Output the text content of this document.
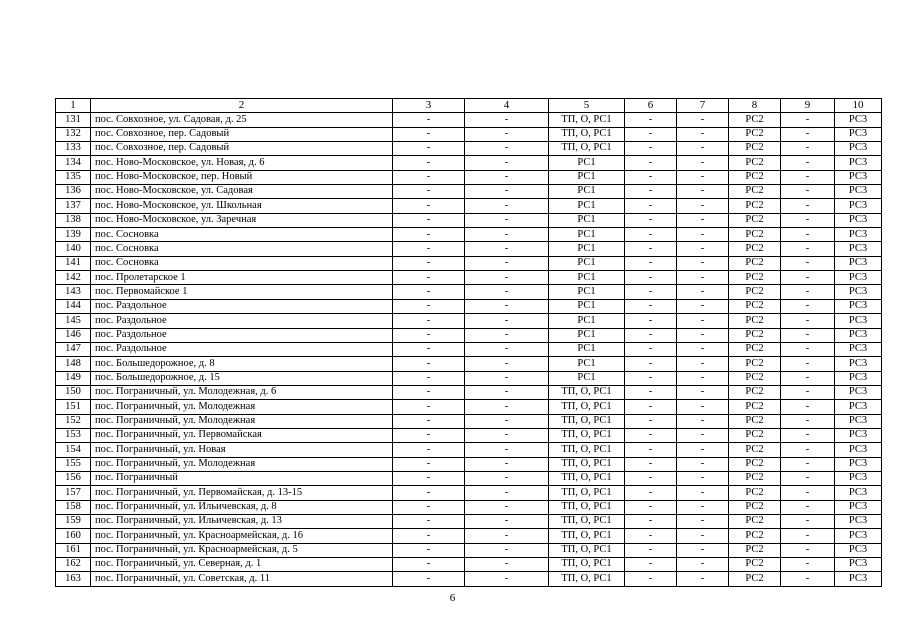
1	2	3	4	5	6	7	8	9	10
131	пос. Совхозное, ул. Садовая, д. 25	-	-	ТП, О, РС1	-	-	РС2	-	РС3
132	пос. Совхозное, пер. Садовый	-	-	ТП, О, РС1	-	-	РС2	-	РС3
133	пос. Совхозное, пер. Садовый	-	-	ТП, О, РС1	-	-	РС2	-	РС3
134	пос. Ново-Московское, ул. Новая, д. 6	-	-	РС1	-	-	РС2	-	РС3
135	пос. Ново-Московское, пер. Новый	-	-	РС1	-	-	РС2	-	РС3
136	пос. Ново-Московское, ул. Садовая	-	-	РС1	-	-	РС2	-	РС3
137	пос. Ново-Московское, ул. Школьная	-	-	РС1	-	-	РС2	-	РС3
138	пос. Ново-Московское, ул. Заречная	-	-	РС1	-	-	РС2	-	РС3
139	пос. Сосновка	-	-	РС1	-	-	РС2	-	РС3
140	пос. Сосновка	-	-	РС1	-	-	РС2	-	РС3
141	пос. Сосновка	-	-	РС1	-	-	РС2	-	РС3
142	пос. Пролетарское 1	-	-	РС1	-	-	РС2	-	РС3
143	пос. Первомайское 1	-	-	РС1	-	-	РС2	-	РС3
144	пос. Раздольное	-	-	РС1	-	-	РС2	-	РС3
145	пос. Раздольное	-	-	РС1	-	-	РС2	-	РС3
146	пос. Раздольное	-	-	РС1	-	-	РС2	-	РС3
147	пос. Раздольное	-	-	РС1	-	-	РС2	-	РС3
148	пос. Большедорожное, д. 8	-	-	РС1	-	-	РС2	-	РС3
149	пос. Большедорожное, д. 15	-	-	РС1	-	-	РС2	-	РС3
150	пос. Пограничный, ул. Молодежная, д. 6	-	-	ТП, О, РС1	-	-	РС2	-	РС3
151	пос. Пограничный, ул. Молодежная	-	-	ТП, О, РС1	-	-	РС2	-	РС3
152	пос. Пограничный, ул. Молодежная	-	-	ТП, О, РС1	-	-	РС2	-	РС3
153	пос. Пограничный, ул. Первомайская	-	-	ТП, О, РС1	-	-	РС2	-	РС3
154	пос. Пограничный, ул. Новая	-	-	ТП, О, РС1	-	-	РС2	-	РС3
155	пос. Пограничный, ул. Молодежная	-	-	ТП, О, РС1	-	-	РС2	-	РС3
156	пос. Пограничный	-	-	ТП, О, РС1	-	-	РС2	-	РС3
157	пос. Пограничный, ул. Первомайская, д. 13-15	-	-	ТП, О, РС1	-	-	РС2	-	РС3
158	пос. Пограничный, ул. Ильичевская, д. 8	-	-	ТП, О, РС1	-	-	РС2	-	РС3
159	пос. Пограничный, ул. Ильичевская, д. 13	-	-	ТП, О, РС1	-	-	РС2	-	РС3
160	пос. Пограничный, ул. Красноармейская, д. 16	-	-	ТП, О, РС1	-	-	РС2	-	РС3
161	пос. Пограничный, ул. Красноармейская, д. 5	-	-	ТП, О, РС1	-	-	РС2	-	РС3
162	пос. Пограничный, ул. Северная, д. 1	-	-	ТП, О, РС1	-	-	РС2	-	РС3
163	пос. Пограничный, ул. Советская, д. 11	-	-	ТП, О, РС1	-	-	РС2	-	РС3
6
